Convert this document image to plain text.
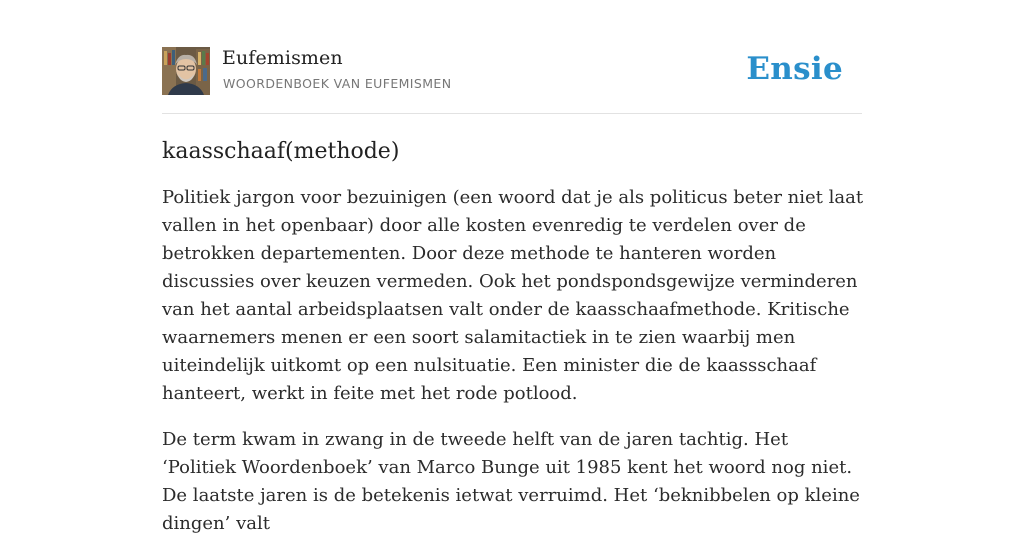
Eufemismen
WOORDENBOEK VAN EUFEMISMEN	Ensie
kaasschaaf(methode)

Politiek jargon voor bezuinigen (een woord dat je als politicus beter niet laat vallen in het openbaar) door alle kosten evenredig te verdelen over de betrokken departementen. Door deze methode te hanteren worden discussies over keuzen vermeden. Ook het pondspondsgewijze verminderen van het aantal arbeidsplaatsen valt onder de kaasschaafmethode. Kritische waarnemers menen er een soort salamitactiek in te zien waarbij men uiteindelijk uitkomt op een nulsituatie. Een minister die de kaassschaaf hanteert, werkt in feite met het rode potlood.

De term kwam in zwang in de tweede helft van de jaren tachtig. Het ‘Politiek Woordenboek’ van Marco Bunge uit 1985 kent het woord nog niet. De laatste jaren is de betekenis ietwat verruimd. Het ‘beknibbelen op kleine dingen’ valt
